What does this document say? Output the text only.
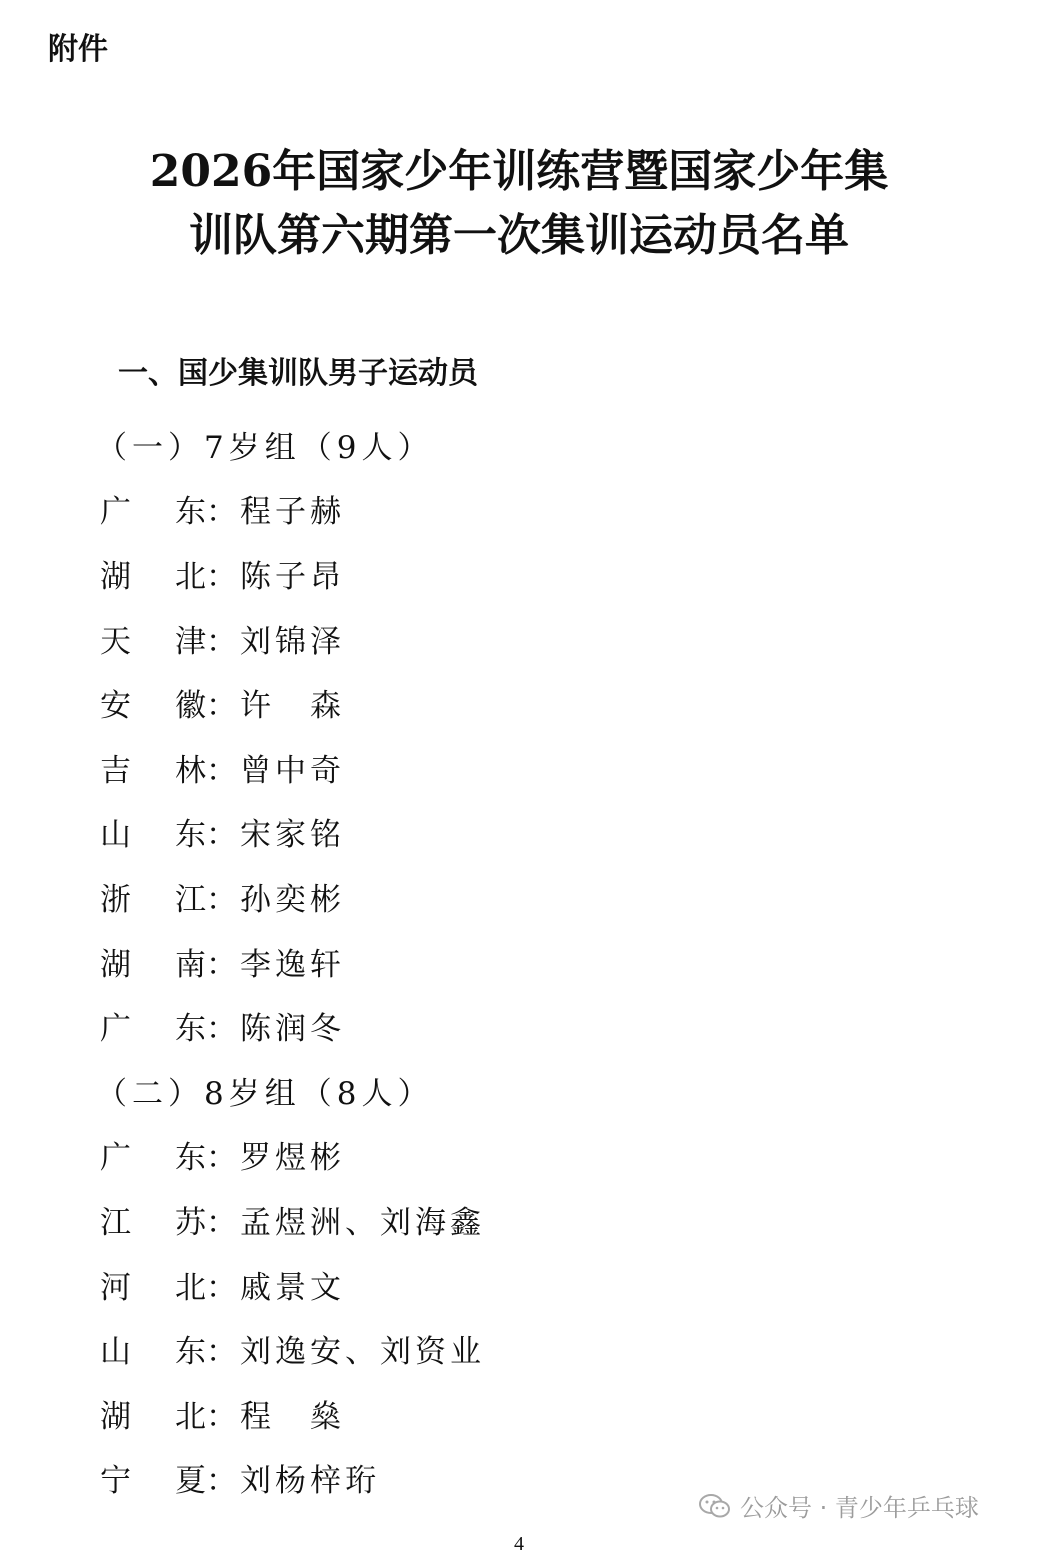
附件

2026年国家少年训练营暨国家少年集
训队第六期第一次集训运动员名单
一、国少集训队男子运动员
（一）7岁组（9人）
广东 ： 程子赫
湖北 ： 陈子昂
天津 ： 刘锦泽
安徽 ： 许　森
吉林 ： 曾中奇
山东 ： 宋家铭
浙江 ： 孙奕彬
湖南 ： 李逸轩
广东 ： 陈润冬
（二）8岁组（8人）
广东 ： 罗煜彬
江苏 ： 孟煜洲、刘海鑫
河北 ： 戚景文
山东 ： 刘逸安、刘资业
湖北 ： 程　燊
宁夏 ： 刘杨梓珩
公众号 · 青少年乒乓球

4
